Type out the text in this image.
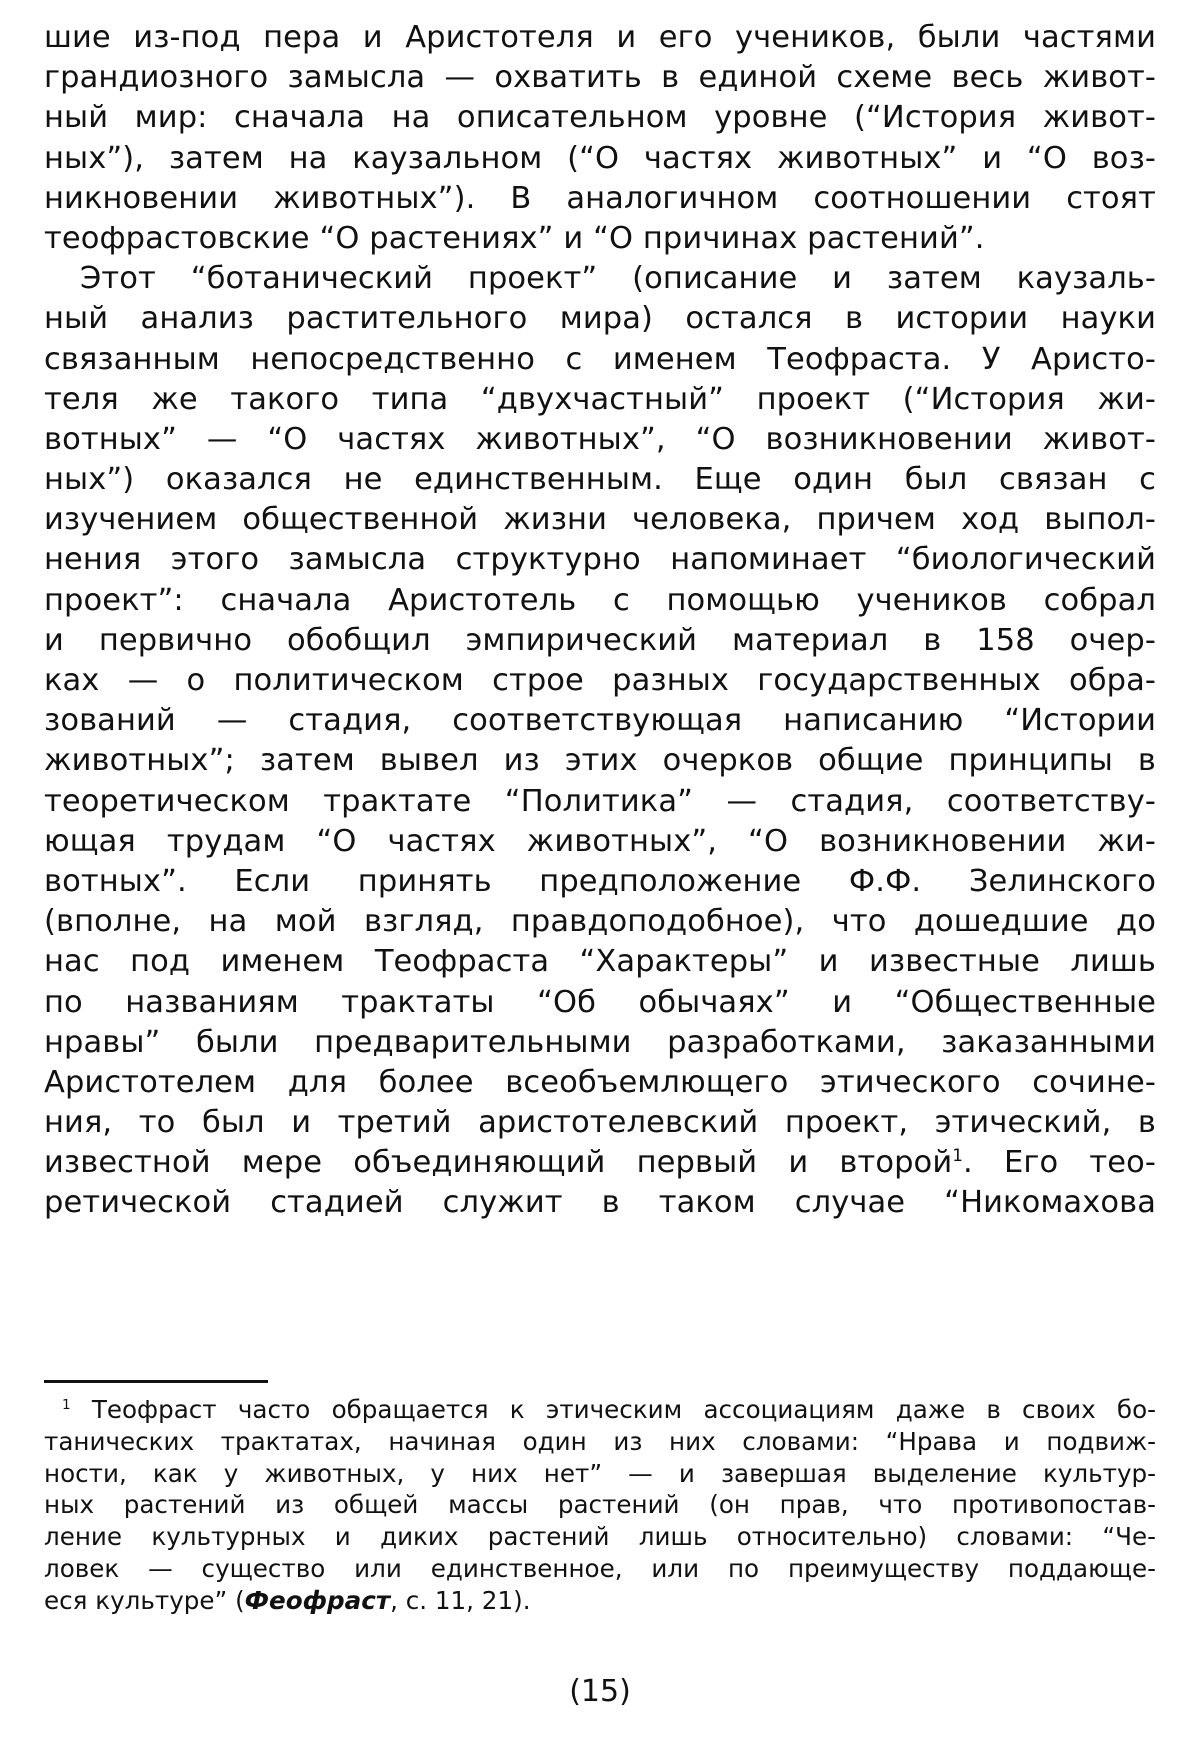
шие из-под пера и Аристотеля и его учеников, были частями
грандиозного замысла — охватить в единой схеме весь живот-
ный мир: сначала на описательном уровне (“История живот-
ных”), затем на каузальном (“О частях животных” и “О воз-
никновении животных”). В аналогичном соотношении стоят
теофрастовские “О растениях” и “О причинах растений”.
Этот “ботанический проект” (описание и затем каузаль-
ный анализ растительного мира) остался в истории науки
связанным непосредственно с именем Теофраста. У Аристо-
теля же такого типа “двухчастный” проект (“История жи-
вотных” — “О частях животных”, “О возникновении живот-
ных”) оказался не единственным. Еще один был связан с
изучением общественной жизни человека, причем ход выпол-
нения этого замысла структурно напоминает “биологический
проект”: сначала Аристотель с помощью учеников собрал
и первично обобщил эмпирический материал в 158 очер-
ках — о политическом строе разных государственных обра-
зований — стадия, соответствующая написанию “Истории
животных”; затем вывел из этих очерков общие принципы в
теоретическом трактате “Политика” — стадия, соответству-
ющая трудам “О частях животных”, “О возникновении жи-
вотных”. Если принять предположение Ф.Ф. Зелинского
(вполне, на мой взгляд, правдоподобное), что дошедшие до
нас под именем Теофраста “Характеры” и известные лишь
по названиям трактаты “Об обычаях” и “Общественные
нравы” были предварительными разработками, заказанными
Аристотелем для более всеобъемлющего этического сочине-
ния, то был и третий аристотелевский проект, этический, в
известной мере объединяющий первый и второй$^1$. Его тео-
ретической стадией служит в таком случае “Никомахова
$^1$ Теофраст часто обращается к этическим ассоциациям даже в своих бо-
танических трактатах, начиная один из них словами: “Нрава и подвиж-
ности, как у животных, у них нет” — и завершая выделение культур-
ных растений из общей массы растений (он прав, что противопостав-
ление культурных и диких растений лишь относительно) словами: “Че-
ловек — существо или единственное, или по преимуществу поддающе-
еся культуре” (Феофраст, с. 11, 21).
(15)
